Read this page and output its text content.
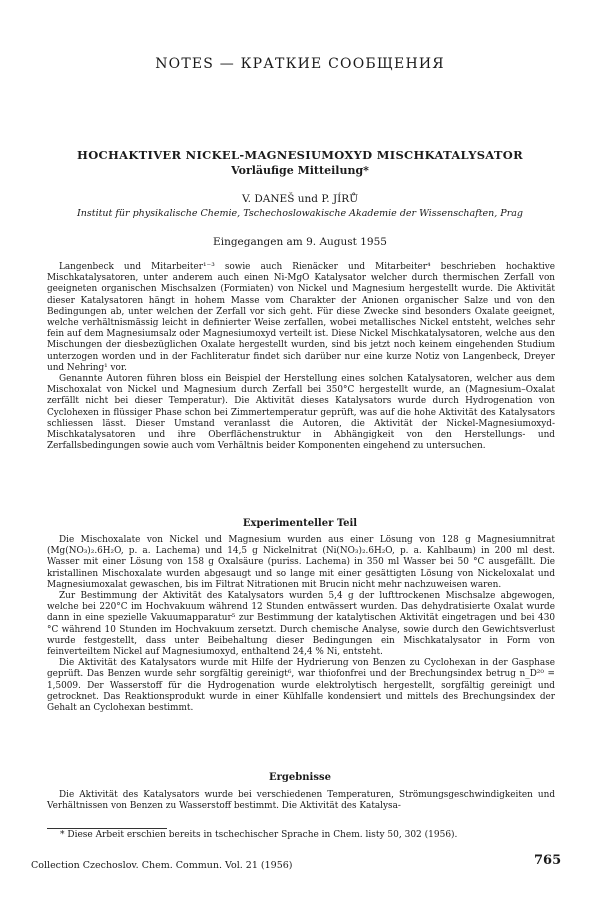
NOTES — КРАТКИЕ СООБЩЕНИЯ
HOCHAKTIVER NICKEL-MAGNESIUMOXYD MISCHKATALYSATOR
Vorläufige Mitteilung*
V. DANEŠ und P. JÍRŮ
Institut für physikalische Chemie, Tschechoslowakische Akademie der Wissenschaften, Prag
Eingegangen am 9. August 1955

Langenbeck und Mitarbeiter¹⁻³ sowie auch Rienäcker und Mitarbeiter⁴ beschrieben hochaktive Mischkatalysatoren, unter anderem auch einen Ni-MgO Katalysator welcher durch thermischen Zerfall von geeigneten organischen Mischsalzen (Formiaten) von Nickel und Magnesium hergestellt wurde. Die Aktivität dieser Katalysatoren hängt in hohem Masse vom Charakter der Anionen organischer Salze und von den Bedingungen ab, unter welchen der Zerfall vor sich geht. Für diese Zwecke sind besonders Oxalate geeignet, welche verhältnismässig leicht in definierter Weise zerfallen, wobei metallisches Nickel entsteht, welches sehr fein auf dem Magnesiumsalz oder Magnesiumoxyd verteilt ist. Diese Nickel Mischkatalysatoren, welche aus den Mischungen der diesbezüglichen Oxalate hergestellt wurden, sind bis jetzt noch keinem eingehenden Studium unterzogen worden und in der Fachliteratur findet sich darüber nur eine kurze Notiz von Langenbeck, Dreyer und Nehring¹ vor.

Genannte Autoren führen bloss ein Beispiel der Herstellung eines solchen Katalysatoren, welcher aus dem Mischoxalat von Nickel und Magnesium durch Zerfall bei 350°C hergestellt wurde, an (Magnesium–Oxalat zerfällt nicht bei dieser Temperatur). Die Aktivität dieses Katalysators wurde durch Hydrogenation von Cyclohexen in flüssiger Phase schon bei Zimmertemperatur geprüft, was auf die hohe Aktivität des Katalysators schliessen lässt. Dieser Umstand veranlasst die Autoren, die Aktivität der Nickel-Magnesiumoxyd-Mischkatalysatoren und ihre Oberflächenstruktur in Abhängigkeit von den Herstellungs- und Zerfallsbedingungen sowie auch vom Verhältnis beider Komponenten eingehend zu untersuchen.

Experimenteller Teil

Die Mischoxalate von Nickel und Magnesium wurden aus einer Lösung von 128 g Magnesiumnitrat (Mg(NO₃)₂.6H₂O, p. a. Lachema) und 14,5 g Nickelnitrat (Ni(NO₃)₂.6H₂O, p. a. Kahlbaum) in 200 ml dest. Wasser mit einer Lösung von 158 g Oxalsäure (puriss. Lachema) in 350 ml Wasser bei 50 °C ausgefällt. Die kristallinen Mischoxalate wurden abgesaugt und so lange mit einer gesättigten Lösung von Nickeloxalat und Magnesiumoxalat gewaschen, bis im Filtrat Nitrationen mit Brucin nicht mehr nachzuweisen waren.

Zur Bestimmung der Aktivität des Katalysators wurden 5,4 g der lufttrockenen Mischsalze abgewogen, welche bei 220°C im Hochvakuum während 12 Stunden entwässert wurden. Das dehydratisierte Oxalat wurde dann in eine spezielle Vakuumapparatur⁵ zur Bestimmung der katalytischen Aktivität eingetragen und bei 430 °C während 10 Stunden im Hochvakuum zersetzt. Durch chemische Analyse, sowie durch den Gewichtsverlust wurde festgestellt, dass unter Beibehaltung dieser Bedingungen ein Mischkatalysator in Form von feinverteiltem Nickel auf Magnesiumoxyd, enthaltend 24,4 % Ni, entsteht.

Die Aktivität des Katalysators wurde mit Hilfe der Hydrierung von Benzen zu Cyclohexan in der Gasphase geprüft. Das Benzen wurde sehr sorgfältig gereinigt⁶, war thiofonfrei und der Brechungsindex betrug n_D²⁰ = 1,5009. Der Wasserstoff für die Hydrogenation wurde elektrolytisch hergestellt, sorgfältig gereinigt und getrocknet. Das Reaktionsprodukt wurde in einer Kühlfalle kondensiert und mittels des Brechungsindex der Gehalt an Cyclohexan bestimmt.

Ergebnisse

Die Aktivität des Katalysators wurde bei verschiedenen Temperaturen, Strömungsgeschwindigkeiten und Verhältnissen von Benzen zu Wasserstoff bestimmt. Die Aktivität des Katalysa-

* Diese Arbeit erschien bereits in tschechischer Sprache in Chem. listy 50, 302 (1956).
Collection Czechoslov. Chem. Commun. Vol. 21 (1956)	765
